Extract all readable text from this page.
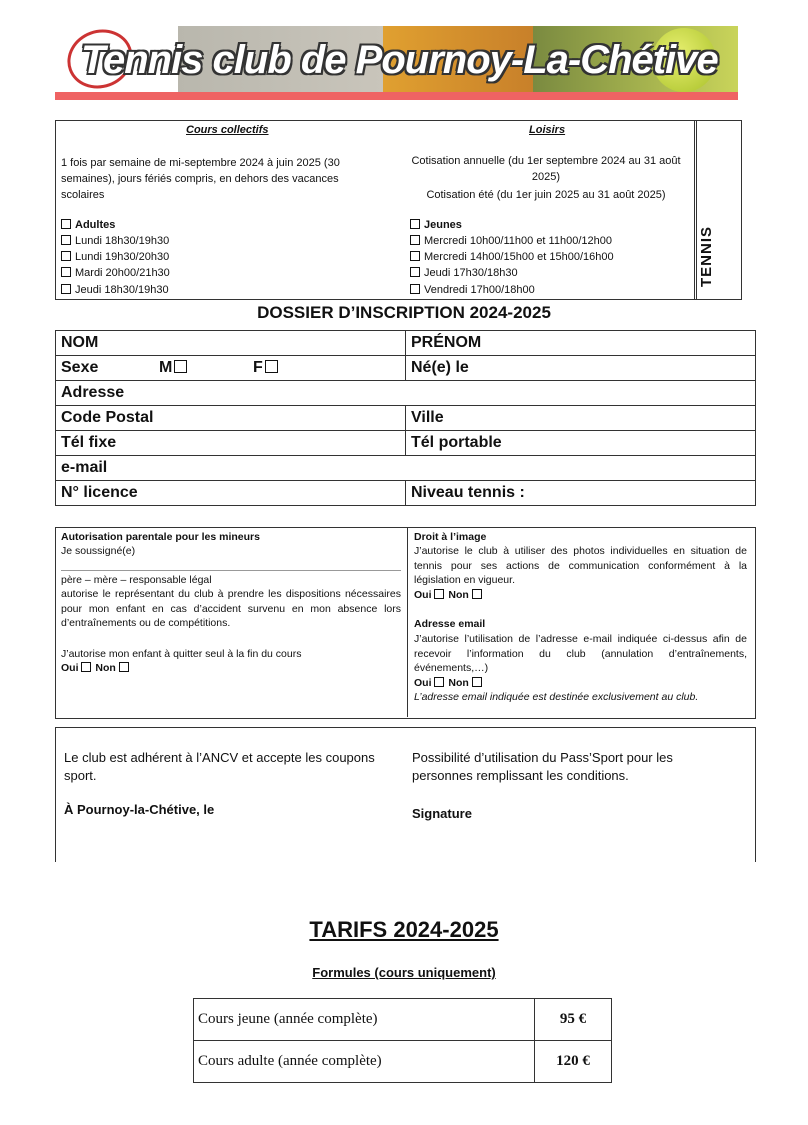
Tennis club de Pournoy-La-Chétive
TENNIS
Cours collectifs
1 fois par semaine de mi-septembre 2024 à juin 2025 (30 semaines), jours fériés compris, en dehors des vacances scolaires
Adultes
Lundi 18h30/19h30
Lundi 19h30/20h30
Mardi 20h00/21h30
Jeudi 18h30/19h30
Loisirs
Cotisation annuelle (du 1er septembre 2024 au 31 août 2025)
Cotisation été (du 1er juin 2025 au 31 août 2025)
Jeunes
Mercredi 10h00/11h00 et 11h00/12h00
Mercredi 14h00/15h00 et 15h00/16h00
Jeudi 17h30/18h30
Vendredi 17h00/18h00
DOSSIER D’INSCRIPTION 2024-2025
NOM	PRÉNOM
Sexe	M	F	Né(e) le
Adresse
Code Postal	Ville
Tél fixe	Tél portable
e-mail
N° licence	Niveau tennis :
Autorisation parentale pour les mineurs
Je soussigné(e)
père – mère – responsable légal
autorise le représentant du club à prendre les dispositions nécessaires pour mon enfant en cas d’accident survenu en mon absence lors d’entraînements ou de compétitions.
J’autorise mon enfant à quitter seul à la fin du cours
Oui Non
Droit à l’image
J’autorise le club à utiliser des photos individuelles en situation de tennis pour ses actions de communication conformément à la législation en vigueur.
Oui Non
Adresse email
J’autorise l’utilisation de l’adresse e-mail indiquée ci-dessus afin de recevoir l’information du club (annulation d’entraînements, événements,…)
Oui Non
L’adresse email indiquée est destinée exclusivement au club.
Le club est adhérent à l’ANCV et accepte les coupons sport.
À Pournoy-la-Chétive, le
Possibilité d’utilisation du Pass’Sport pour les personnes remplissant les conditions.
Signature
TARIFS 2024-2025
Formules (cours uniquement)
Cours jeune (année complète)	95 €
Cours adulte (année complète)	120 €
